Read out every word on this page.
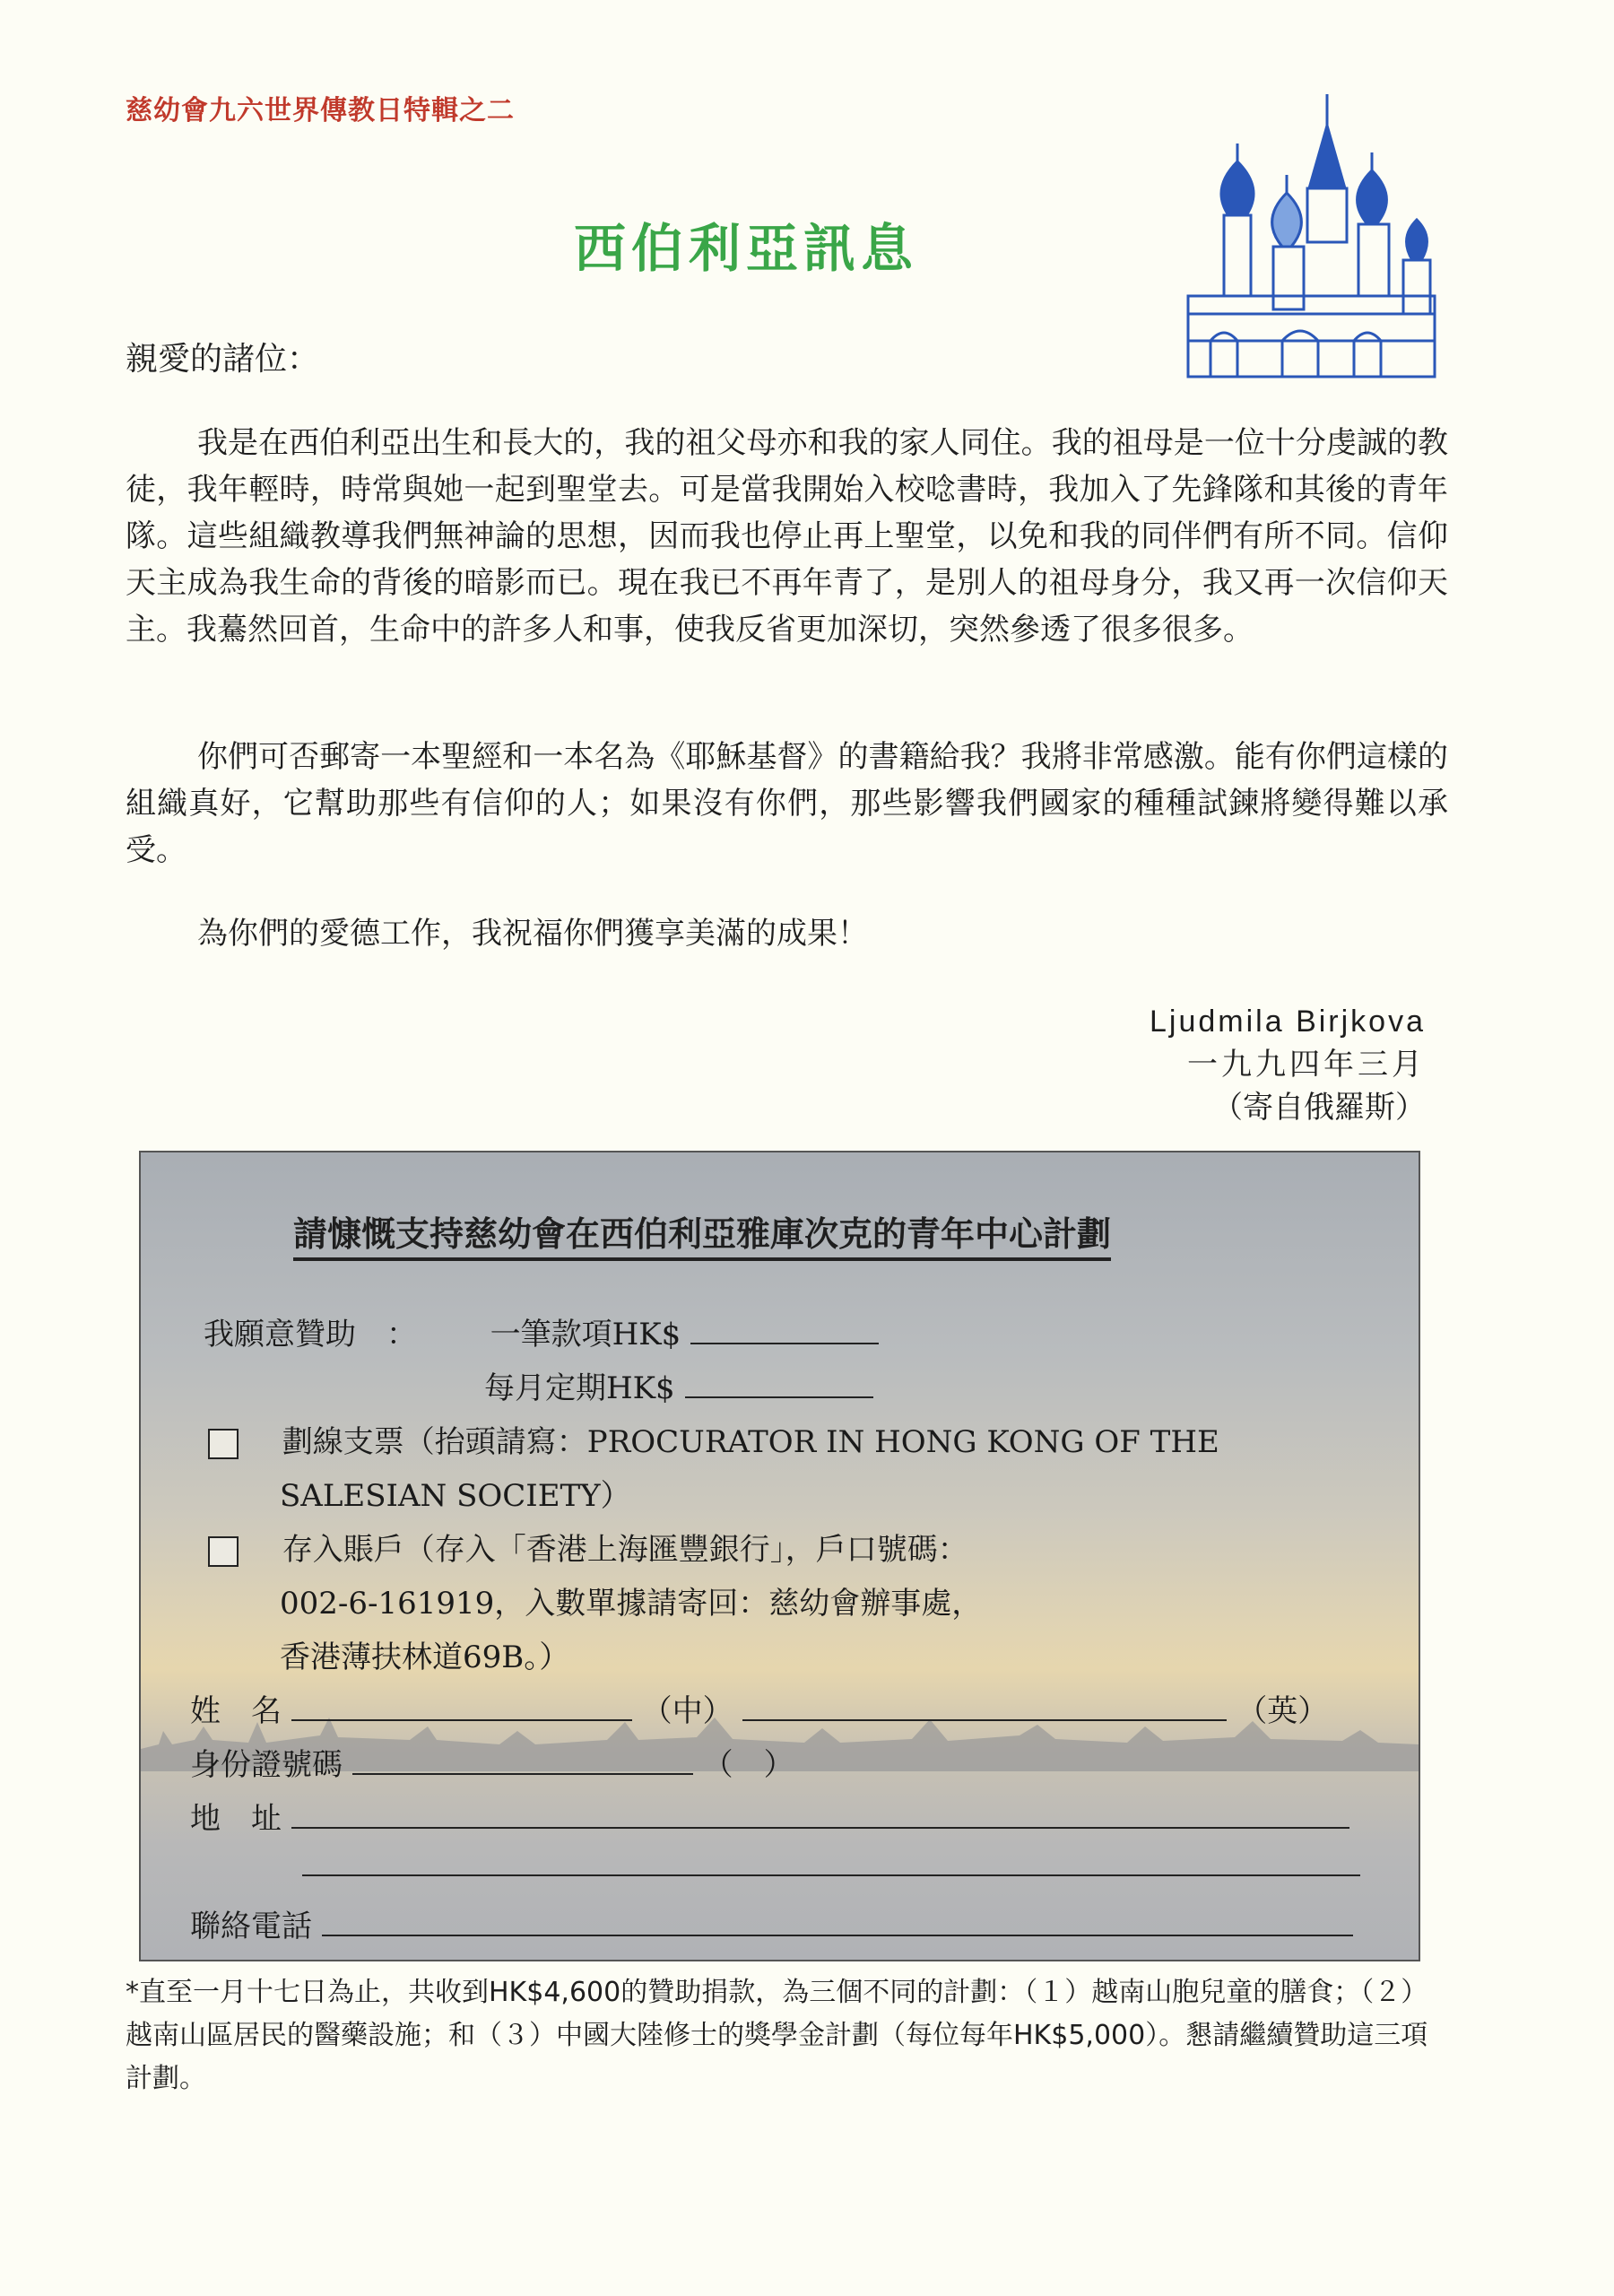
慈幼會九六世界傳教日特輯之二
西伯利亞訊息
親愛的諸位：

我是在西伯利亞出生和長大的，我的祖父母亦和我的家人同住。我的祖母是一位十分虔誠的教徒，我年輕時，時常與她一起到聖堂去。可是當我開始入校唸書時，我加入了先鋒隊和其後的青年隊。這些組織教導我們無神論的思想，因而我也停止再上聖堂，以免和我的同伴們有所不同。信仰天主成為我生命的背後的暗影而已。現在我已不再年青了，是別人的祖母身分，我又再一次信仰天主。我驀然回首，生命中的許多人和事，使我反省更加深切，突然參透了很多很多。

你們可否郵寄一本聖經和一本名為《耶穌基督》的書籍給我？我將非常感激。能有你們這樣的組織真好，它幫助那些有信仰的人；如果沒有你們，那些影響我們國家的種種試鍊將變得難以承受。

為你們的愛德工作，我祝福你們獲享美滿的成果！

Ljudmila Birjkova
一九九四年三月
（寄自俄羅斯）
請慷慨支持慈幼會在西伯利亞雅庫次克的青年中心計劃
我願意贊助　： 一筆款項HK$
每月定期HK$
劃線支票（抬頭請寫：PROCURATOR IN HONG KONG OF THE
SALESIAN SOCIETY）
存入賬戶（存入「香港上海匯豐銀行」，戶口號碼：
002-6-161919，入數單據請寄回：慈幼會辦事處，
香港薄扶林道69B。）
姓　名	（中）	（英）
身份證號碼	（　）
地　址
聯絡電話

*直至一月十七日為止，共收到HK$4,600的贊助捐款，為三個不同的計劃：（１）越南山胞兒童的膳食；（２）越南山區居民的醫藥設施；和（３）中國大陸修士的獎學金計劃（每位每年HK$5,000）。懇請繼續贊助這三項計劃。
